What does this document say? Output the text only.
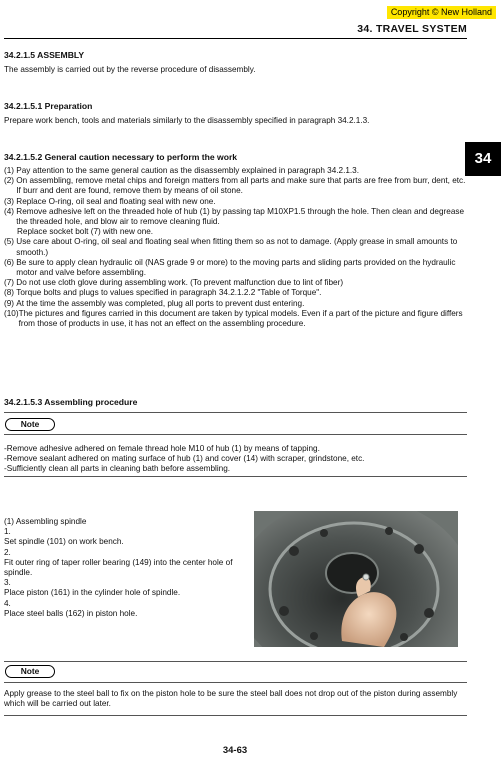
Copyright © New Holland
34. TRAVEL SYSTEM
34
34.2.1.5 ASSEMBLY
The assembly is carried out by the reverse procedure of disassembly.
34.2.1.5.1 Preparation
Prepare work bench, tools and materials similarly to the disassembly specified in paragraph 34.2.1.3.
34.2.1.5.2 General caution necessary to perform the work
(1) Pay attention to the same general caution as the disassembly explained in paragraph 34.2.1.3.
(2) On assembling, remove metal chips and foreign matters from all parts and make sure that parts are free from burr, dent, etc. If burr and dent are found, remove them by means of oil stone.
(3) Replace O-ring, oil seal and floating seal with new one.
(4) Remove adhesive left on the threaded hole of hub (1) by passing tap M10XP1.5 through the hole. Then clean and degrease the threaded hole, and blow air to remove cleaning fluid.
Replace socket bolt (7) with new one.
(5) Use care about O-ring, oil seal and floating seal when fitting them so as not to damage. (Apply grease in small amounts to smooth.)
(6) Be sure to apply clean hydraulic oil (NAS grade 9 or more) to the moving parts and sliding parts provided on the hydraulic motor and valve before assembling.
(7) Do not use cloth glove during assembling work. (To prevent malfunction due to lint of fiber)
(8) Torque bolts and plugs to values specified in paragraph 34.2.1.2.2 "Table of Torque".
(9) At the time the assembly was completed, plug all ports to prevent dust entering.
(10) The pictures and figures carried in this document are taken by typical models. Even if a part of the picture and figure differs from those of products in use, it has not an effect on the assembling procedure.
34.2.1.5.3 Assembling procedure
Note
-Remove adhesive adhered on female thread hole M10 of hub (1) by means of tapping.
-Remove sealant adhered on mating surface of hub (1) and cover (14) with scraper, grindstone, etc.
-Sufficiently clean all parts in cleaning bath before assembling.
(1) Assembling spindle
1.
Set spindle (101) on work bench.
2.
Fit outer ring of taper roller bearing (149) into the center hole of spindle.
3.
Place piston (161) in the cylinder hole of spindle.
4.
Place steel balls (162) in piston hole.
Note
Apply grease to the steel ball to fix on the piston hole to be sure the steel ball does not drop out of the piston during assembly which will be carried out later.
34-63
